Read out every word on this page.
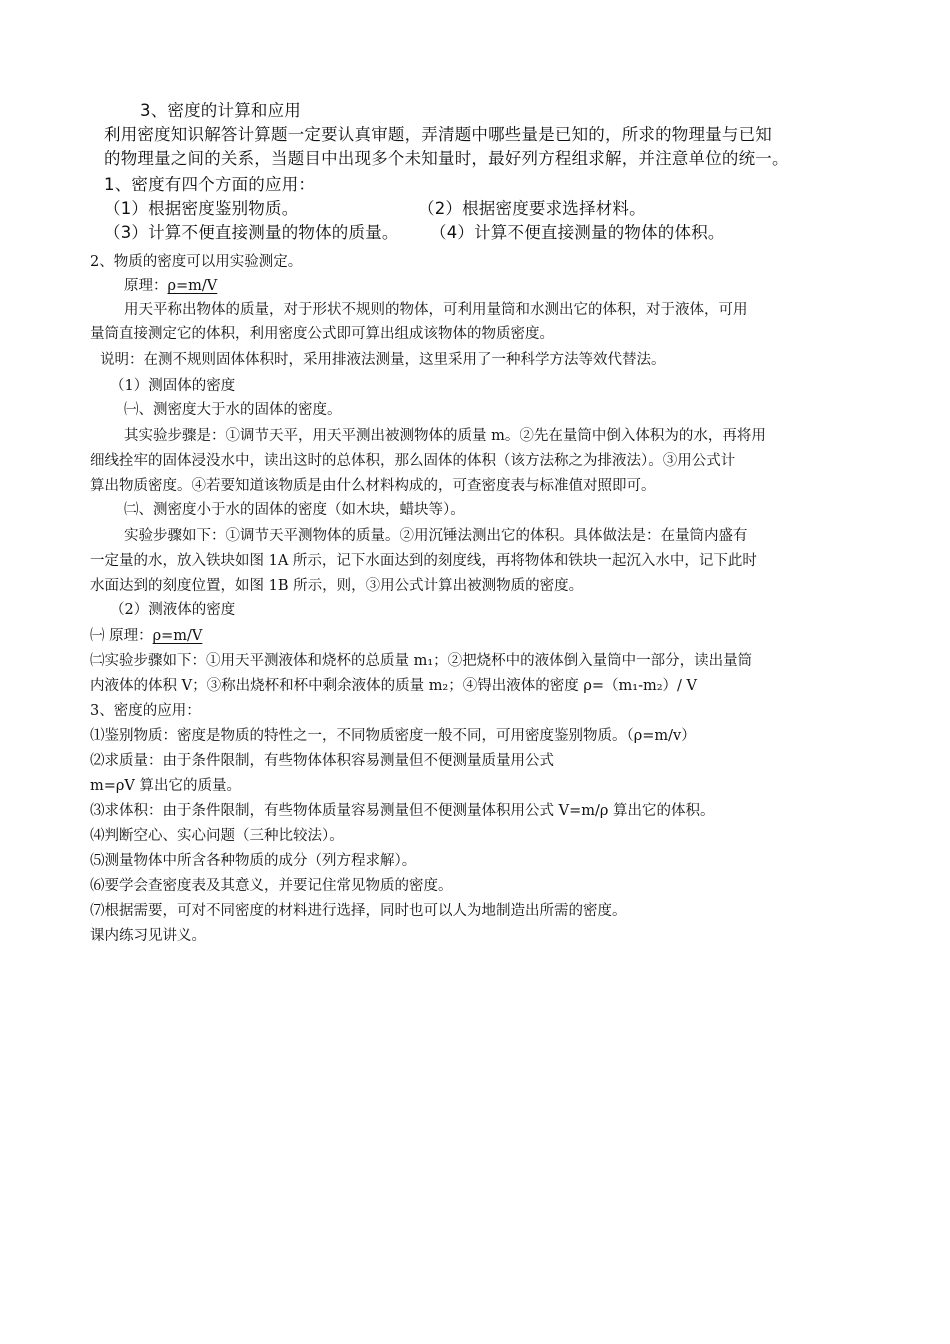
3、密度的计算和应用
利用密度知识解答计算题一定要认真审题，弄清题中哪些量是已知的，所求的物理量与已知
的物理量之间的关系，当题目中出现多个未知量时，最好列方程组求解，并注意单位的统一。
1、密度有四个方面的应用：
（1）根据密度鉴别物质。	（2）根据密度要求选择材料。
（3）计算不便直接测量的物体的质量。 （4）计算不便直接测量的物体的体积。
2、物质的密度可以用实验测定。
原理：ρ=m/V
用天平称出物体的质量，对于形状不规则的物体，可利用量筒和水测出它的体积，对于液体，可用
量筒直接测定它的体积，利用密度公式即可算出组成该物体的物质密度。
说明：在测不规则固体体积时，采用排液法测量，这里采用了一种科学方法等效代替法。
（1）测固体的密度
㈠、测密度大于水的固体的密度。
其实验步骤是：①调节天平，用天平测出被测物体的质量 m。②先在量筒中倒入体积为的水，再将用
细线拴牢的固体浸没水中，读出这时的总体积，那么固体的体积（该方法称之为排液法）。③用公式计
算出物质密度。④若要知道该物质是由什么材料构成的，可查密度表与标准值对照即可。
㈡、测密度小于水的固体的密度（如木块，蜡块等）。
实验步骤如下：①调节天平测物体的质量。②用沉锤法测出它的体积。具体做法是：在量筒内盛有
一定量的水，放入铁块如图 1A 所示，记下水面达到的刻度线，再将物体和铁块一起沉入水中，记下此时
水面达到的刻度位置，如图 1B 所示，则，③用公式计算出被测物质的密度。
（2）测液体的密度
㈠ 原理：ρ=m/V
㈡实验步骤如下：①用天平测液体和烧杯的总质量 m₁；②把烧杯中的液体倒入量筒中一部分，读出量筒
内液体的体积 V；③称出烧杯和杯中剩余液体的质量 m₂；④锝出液体的密度 ρ=（m₁-m₂）/ V
3、密度的应用：
⑴鉴别物质：密度是物质的特性之一，不同物质密度一般不同，可用密度鉴别物质。（ρ=m/v）
⑵求质量：由于条件限制，有些物体体积容易测量但不便测量质量用公式
m=ρV 算出它的质量。
⑶求体积：由于条件限制，有些物体质量容易测量但不便测量体积用公式 V=m/ρ 算出它的体积。
⑷判断空心、实心问题（三种比较法）。
⑸测量物体中所含各种物质的成分（列方程求解）。
⑹要学会查密度表及其意义，并要记住常见物质的密度。
⑺根据需要，可对不同密度的材料进行选择，同时也可以人为地制造出所需的密度。
课内练习见讲义。
